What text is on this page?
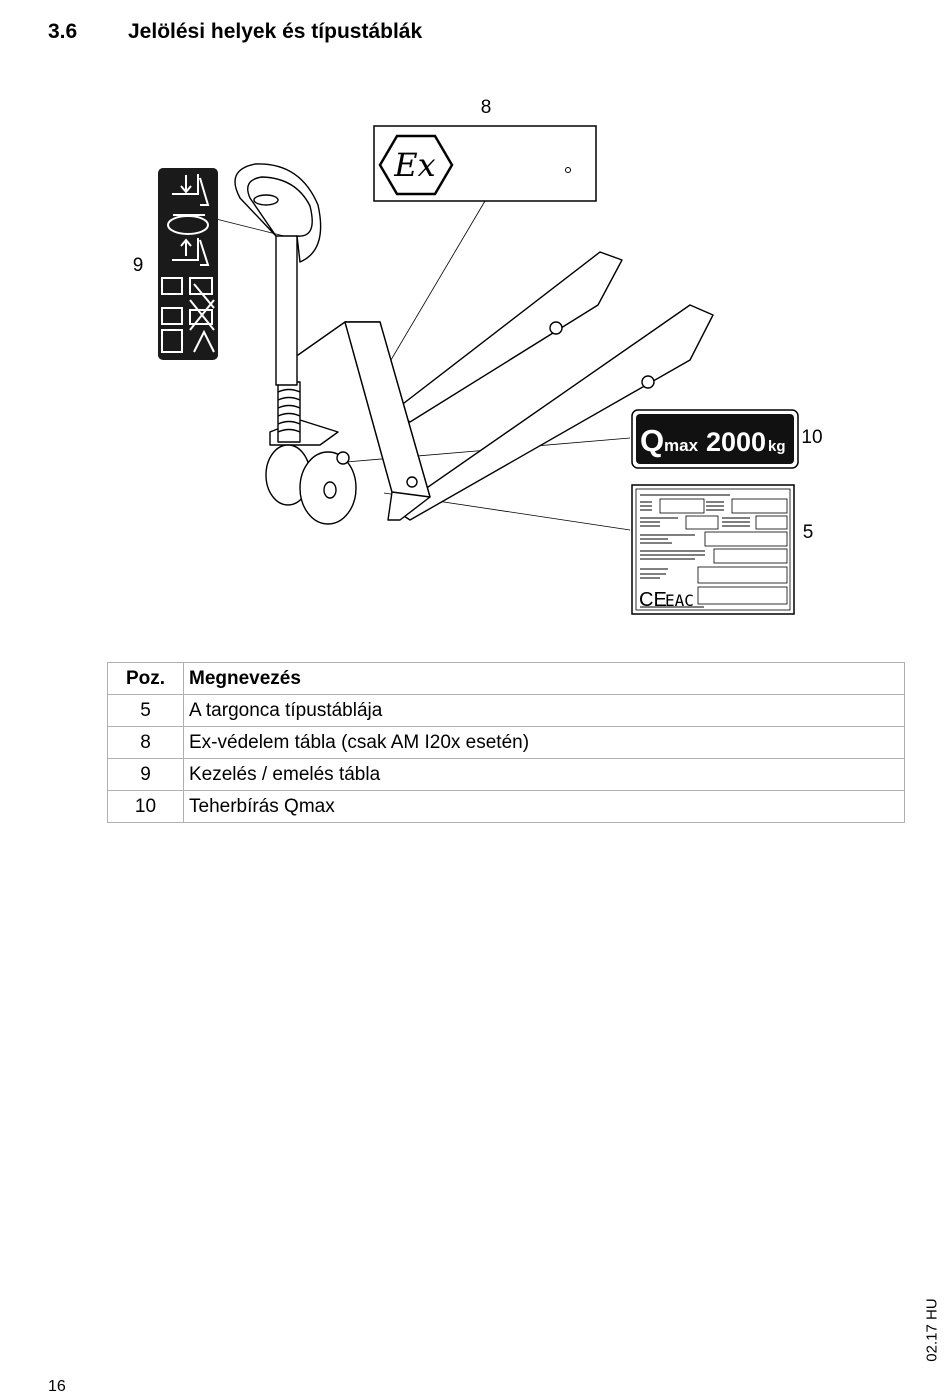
3.6 Jelölési helyek és típustáblák
Ex
8
9
Q max 2000 kg 10
CE
EAC
5
Poz.	Megnevezés
5	A targonca típustáblája
8	Ex-védelem tábla (csak AM I20x esetén)
9	Kezelés / emelés tábla
10	Teherbírás Qmax
02.17 HU
16
